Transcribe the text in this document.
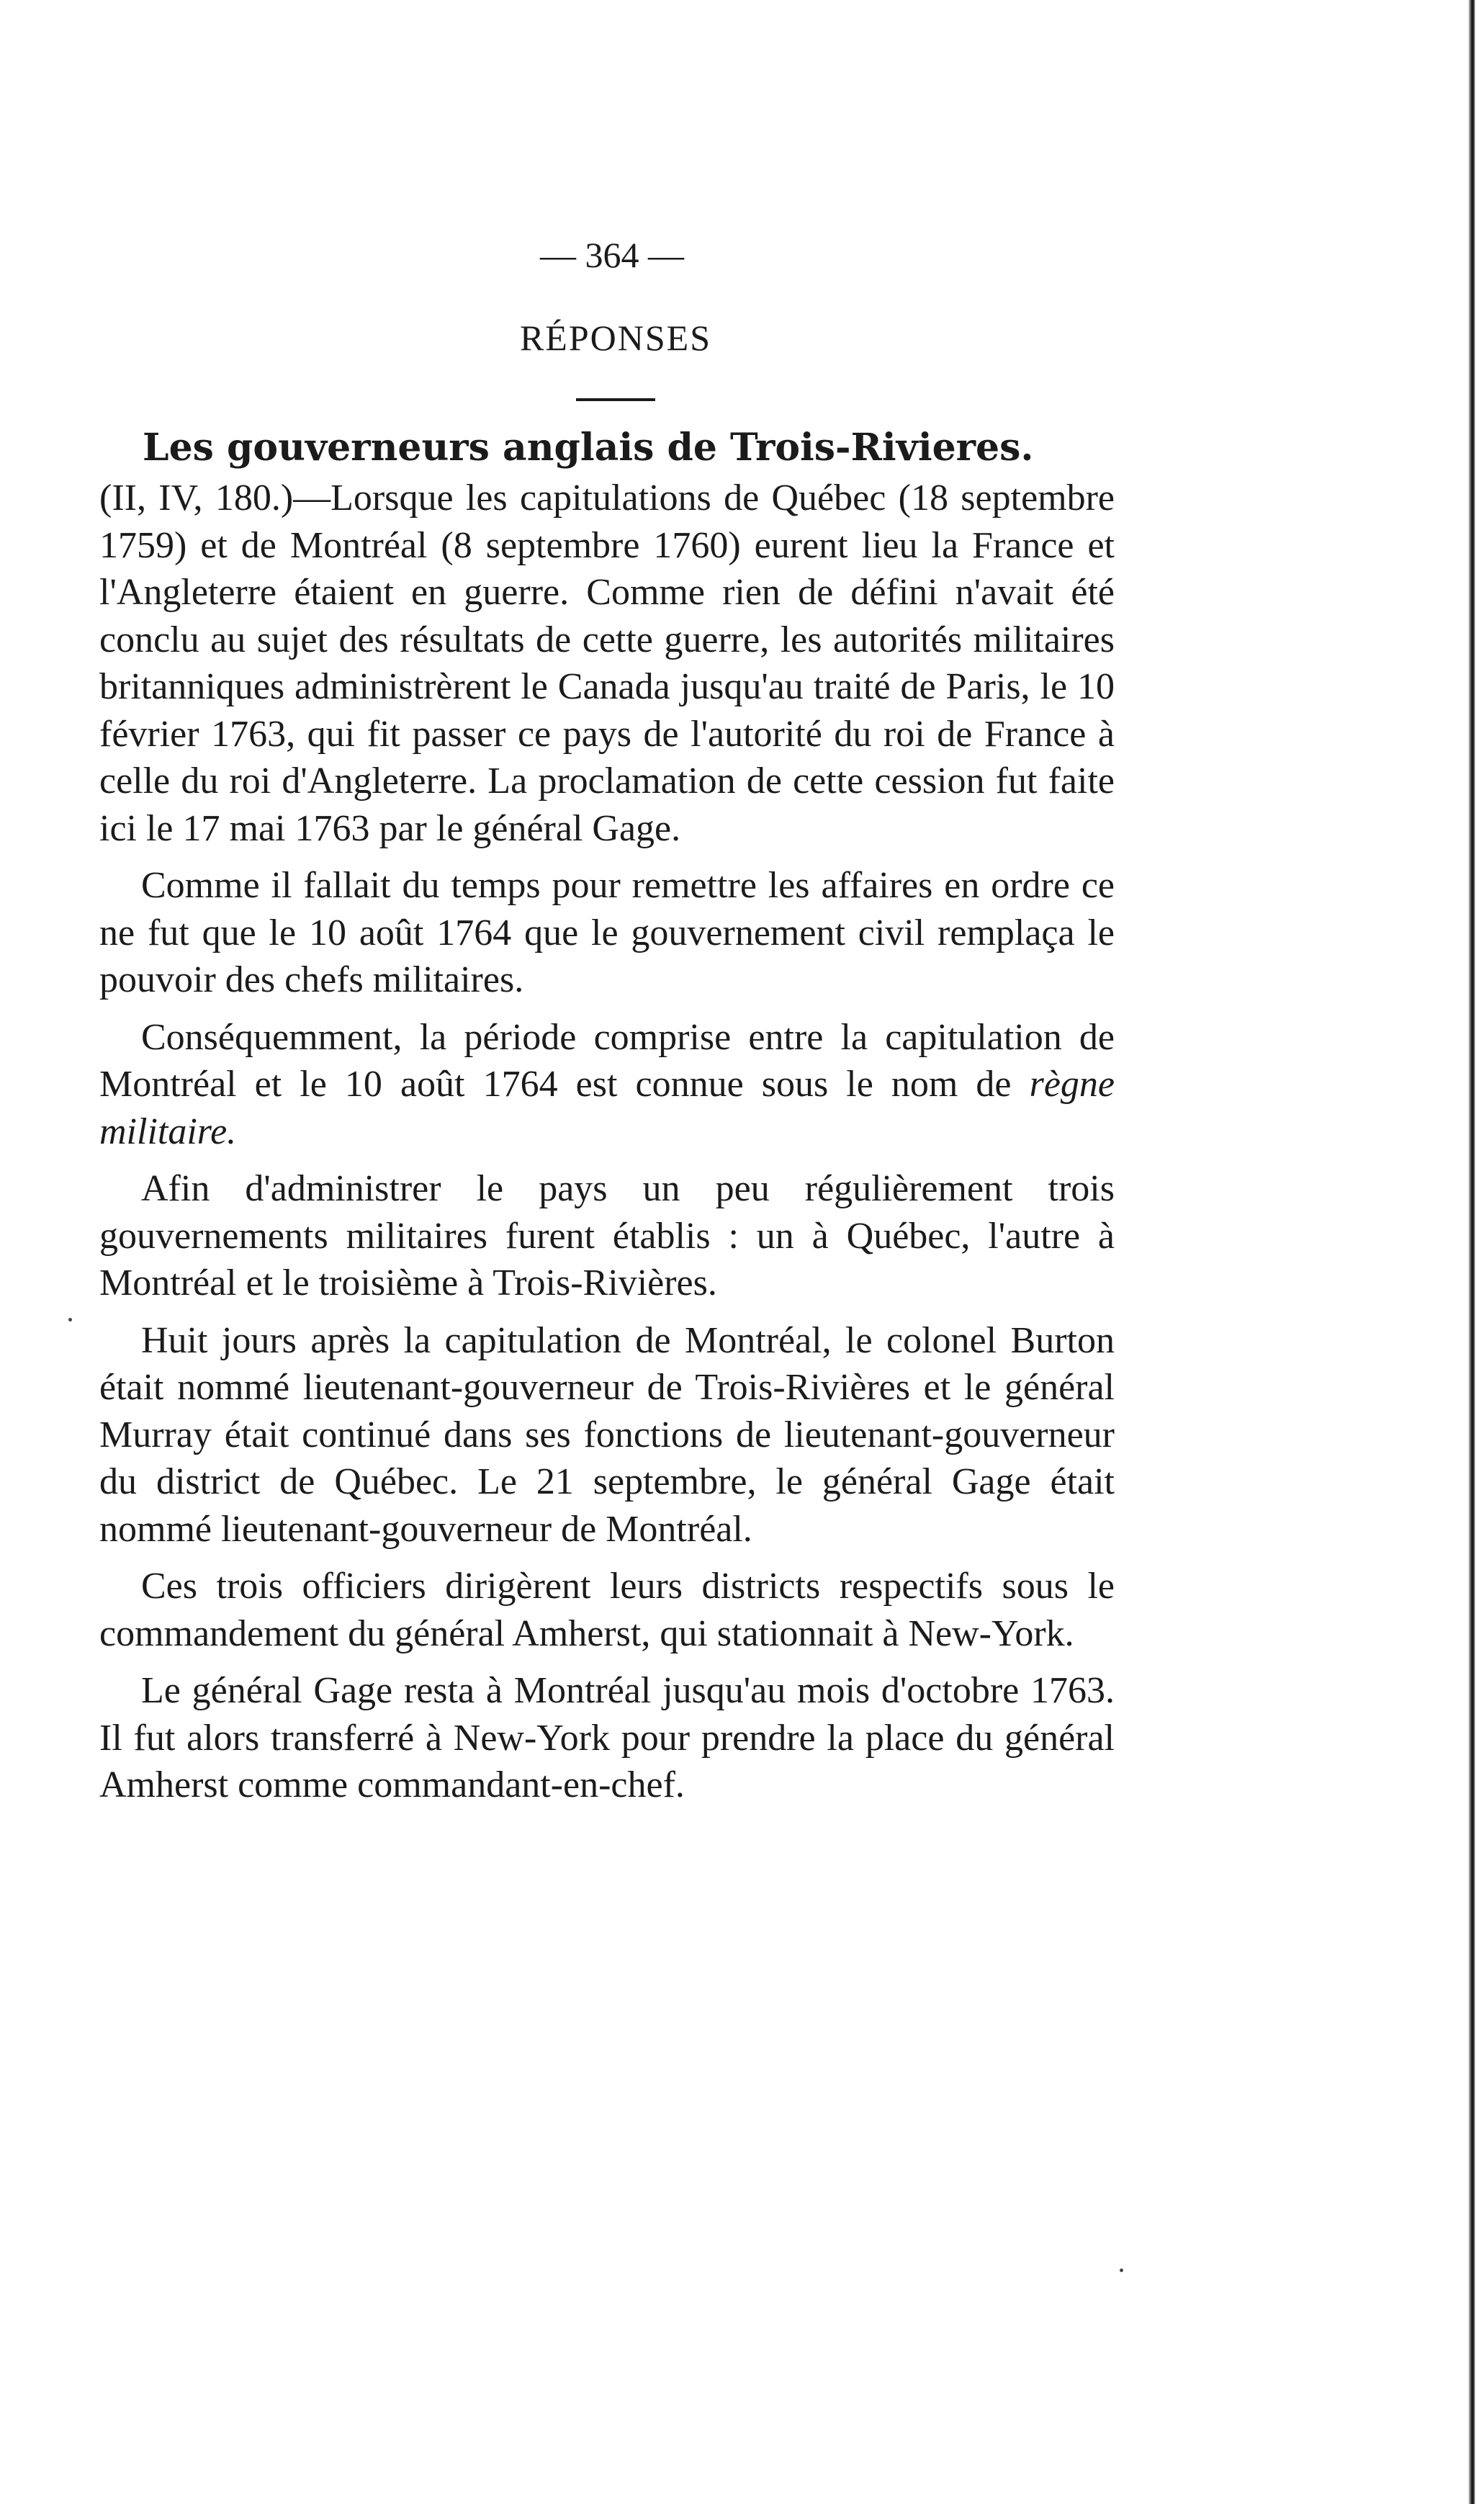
— 364 —
RÉPONSES
Les gouverneurs anglais de Trois-Rivieres.

(II, IV, 180.)—Lorsque les capitulations de Québec (18 septembre 1759) et de Montréal (8 septembre 1760) eurent lieu la France et l'Angleterre étaient en guerre. Comme rien de défini n'avait été conclu au sujet des résultats de cette guerre, les autorités militaires britanniques administrèrent le Canada jusqu'au traité de Paris, le 10 février 1763, qui fit passer ce pays de l'autorité du roi de France à celle du roi d'Angleterre. La proclamation de cette cession fut faite ici le 17 mai 1763 par le général Gage.

Comme il fallait du temps pour remettre les affaires en ordre ce ne fut que le 10 août 1764 que le gouvernement civil remplaça le pouvoir des chefs militaires.

Conséquemment, la période comprise entre la capitulation de Montréal et le 10 août 1764 est connue sous le nom de règne militaire.

Afin d'administrer le pays un peu régulièrement trois gouvernements militaires furent établis : un à Québec, l'autre à Montréal et le troisième à Trois-Rivières.

Huit jours après la capitulation de Montréal, le colonel Burton était nommé lieutenant-gouverneur de Trois-Rivières et le général Murray était continué dans ses fonctions de lieutenant-gouverneur du district de Québec. Le 21 septembre, le général Gage était nommé lieutenant-gouverneur de Montréal.

Ces trois officiers dirigèrent leurs districts respectifs sous le commandement du général Amherst, qui stationnait à New-York.

Le général Gage resta à Montréal jusqu'au mois d'octobre 1763. Il fut alors transferré à New-York pour prendre la place du général Amherst comme commandant-en-chef.
